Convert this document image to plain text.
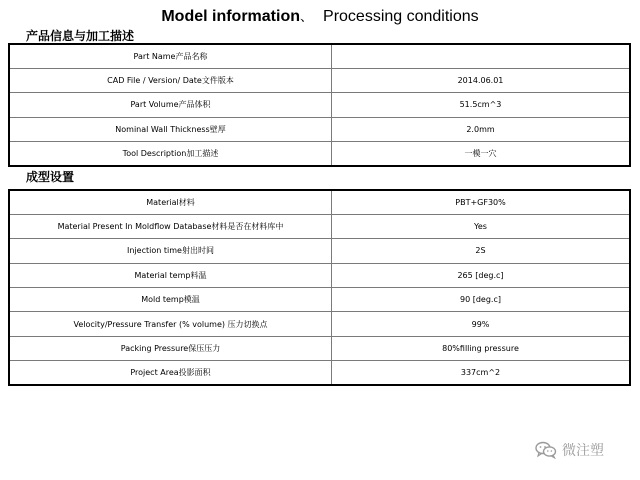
Model information、 Processing conditions
产品信息与加工描述
Part Name产品名称	
CAD File / Version/ Date文件版本	2014.06.01
Part Volume产品体积	51.5cm^3
Nominal Wall Thickness壁厚	2.0mm
Tool Description加工描述	一模一穴
成型设置
Material材料	PBT+GF30%
Material Present In Moldflow Database材料是否在材料库中	Yes
Injection time射出时间	2S
Material temp料温	265 [deg.c]
Mold temp模温	90 [deg.c]
Velocity/Pressure Transfer (% volume) 压力切换点	99%
Packing Pressure保压压力	80%filling pressure
Project Area投影面积	337cm^2
微注塑
